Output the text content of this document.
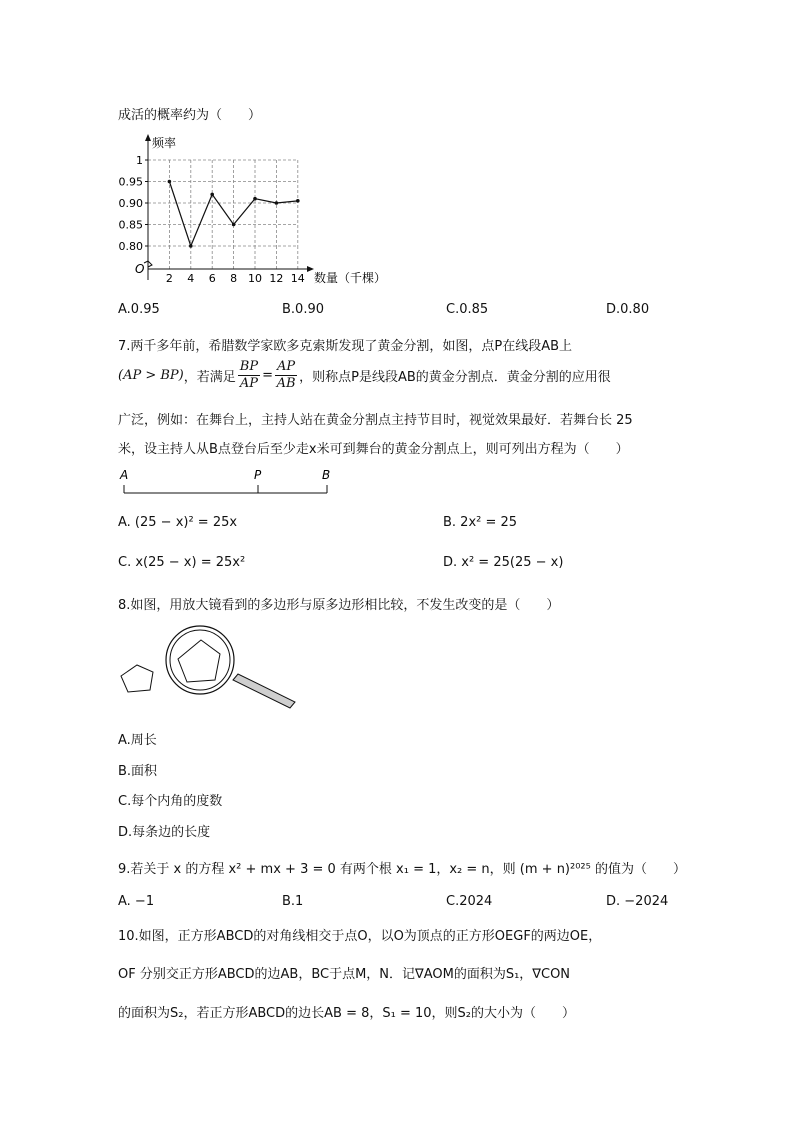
成活的概率约为（　　）
频率
O
1
0.95
0.90
0.85
0.80
2 4 6 8 10 12 14 数量（千棵）
A.0.95	B.0.90	C.0.85	D.0.80
7.两千多年前，希腊数学家欧多克索斯发现了黄金分割，如图，点P在线段AB上
(AP > BP) ，若满足 $\frac{BP}{AP} = \frac{AP}{AB}$ ，则称点P是线段AB的黄金分割点．黄金分割的应用很
广泛，例如：在舞台上，主持人站在黄金分割点主持节目时，视觉效果最好．若舞台长 25
米，设主持人从B点登台后至少走x米可到舞台的黄金分割点上，则可列出方程为（　　）
A	P	B
A. (25 − x)² = 25x	B. 2x² = 25
C. x(25 − x) = 25x²	D. x² = 25(25 − x)
8.如图，用放大镜看到的多边形与原多边形相比较，不发生改变的是（　　）
A.周长
B.面积
C.每个内角的度数
D.每条边的长度
9.若关于 x 的方程 x² + mx + 3 = 0 有两个根 x₁ = 1，x₂ = n，则 (m + n)²⁰²⁵ 的值为（　　）
A. −1	B.1	C.2024	D. −2024
10.如图，正方形ABCD的对角线相交于点O，以O为顶点的正方形OEGF的两边OE，
OF 分别交正方形ABCD的边AB，BC于点M，N．记∇AOM的面积为S₁，∇CON
的面积为S₂，若正方形ABCD的边长AB = 8，S₁ = 10，则S₂的大小为（　　）
